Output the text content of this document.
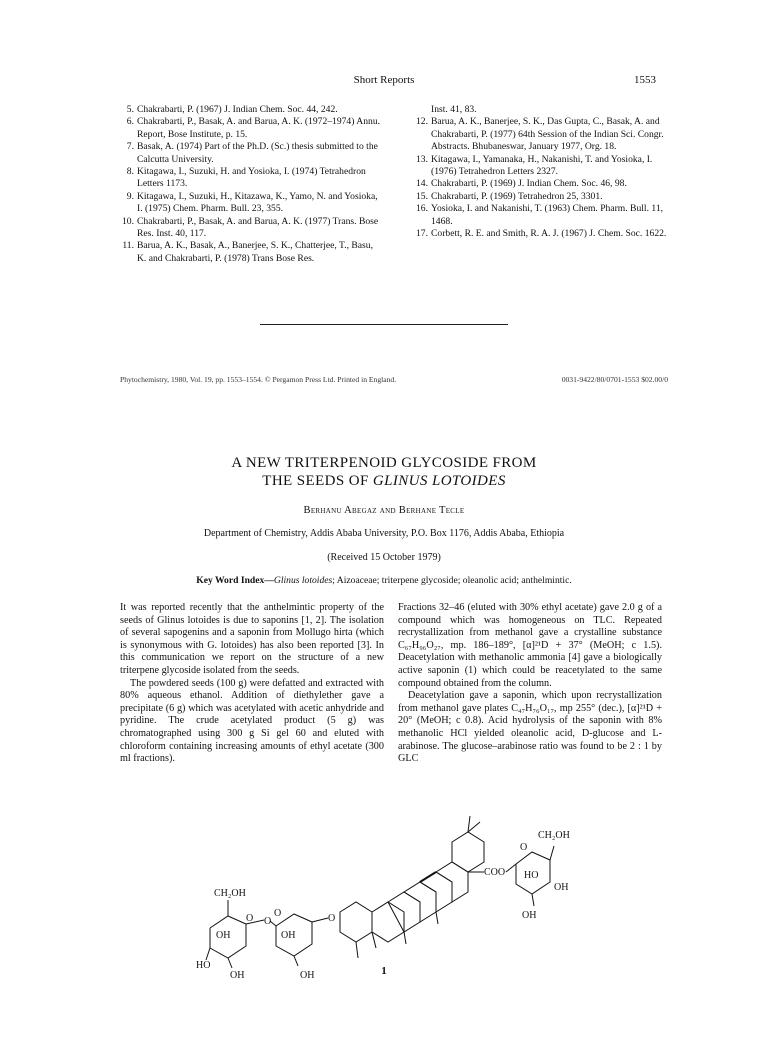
Short Reports	1553
5. Chakrabarti, P. (1967) J. Indian Chem. Soc. 44, 242.
6. Chakrabarti, P., Basak, A. and Barua, A. K. (1972–1974) Annu. Report, Bose Institute, p. 15.
7. Basak, A. (1974) Part of the Ph.D. (Sc.) thesis submitted to the Calcutta University.
8. Kitagawa, I., Suzuki, H. and Yosioka, I. (1974) Tetrahedron Letters 1173.
9. Kitagawa, I., Suzuki, H., Kitazawa, K., Yamo, N. and Yosioka, I. (1975) Chem. Pharm. Bull. 23, 355.
10. Chakrabarti, P., Basak, A. and Barua, A. K. (1977) Trans. Bose Res. Inst. 40, 117.
11. Barua, A. K., Basak, A., Banerjee, S. K., Chatterjee, T., Basu, K. and Chakrabarti, P. (1978) Trans Bose Res.
Inst. 41, 83.
12. Barua, A. K., Banerjee, S. K., Das Gupta, C., Basak, A. and Chakrabarti, P. (1977) 64th Session of the Indian Sci. Congr. Abstracts. Bhubaneswar, January 1977, Org. 18.
13. Kitagawa, I., Yamanaka, H., Nakanishi, T. and Yosioka, I. (1976) Tetrahedron Letters 2327.
14. Chakrabarti, P. (1969) J. Indian Chem. Soc. 46, 98.
15. Chakrabarti, P. (1969) Tetrahedron 25, 3301.
16. Yosioka, I. and Nakanishi, T. (1963) Chem. Pharm. Bull. 11, 1468.
17. Corbett, R. E. and Smith, R. A. J. (1967) J. Chem. Soc. 1622.
Phytochemistry, 1980, Vol. 19, pp. 1553–1554. © Pergamon Press Ltd. Printed in England.	0031-9422/80/0701-1553 $02.00/0
A NEW TRITERPENOID GLYCOSIDE FROM
THE SEEDS OF GLINUS LOTOIDES
Berhanu Abegaz and Berhane Tecle
Department of Chemistry, Addis Ababa University, P.O. Box 1176, Addis Ababa, Ethiopia
(Received 15 October 1979)
Key Word Index—Glinus lotoides; Aizoaceae; triterpene glycoside; oleanolic acid; anthelmintic.

It was reported recently that the anthelmintic property of the seeds of Glinus lotoides is due to saponins [1, 2]. The isolation of several sapogenins and a saponin from Mollugo hirta (which is synonymous with G. lotoides) has also been reported [3]. In this communication we report on the structure of a new triterpene glycoside isolated from the seeds.

The powdered seeds (100 g) were defatted and extracted with 80% aqueous ethanol. Addition of diethylether gave a precipitate (6 g) which was acetylated with acetic anhydride and pyridine. The crude acetylated product (5 g) was chromatographed using 300 g Si gel 60 and eluted with chloroform containing increasing amounts of ethyl acetate (300 ml fractions).

Fractions 32–46 (eluted with 30% ethyl acetate) gave 2.0 g of a compound which was homogeneous on TLC. Repeated recrystallization from methanol gave a crystalline substance C₆₇H₉₆O₂₇, mp. 186–189°, [α]²¹D + 37° (MeOH; c 1.5). Deacetylation with methanolic ammonia [4] gave a biologically active saponin (1) which could be reacetylated to the same compound obtained from the column.

Deacetylation gave a saponin, which upon recrystallization from methanol gave plates C₄₇H₇₆O₁₇, mp 255° (dec.), [α]²¹D + 20° (MeOH; c 0.8). Acid hydrolysis of the saponin with 8% methanolic HCl yielded oleanolic acid, D-glucose and L-arabinose. The glucose–arabinose ratio was found to be 2 : 1 by GLC

CH₂OH
OH
HO
OH
O O
OH
OH
O
COO
O
CH₂OH
HO
OH
OH
O
1
